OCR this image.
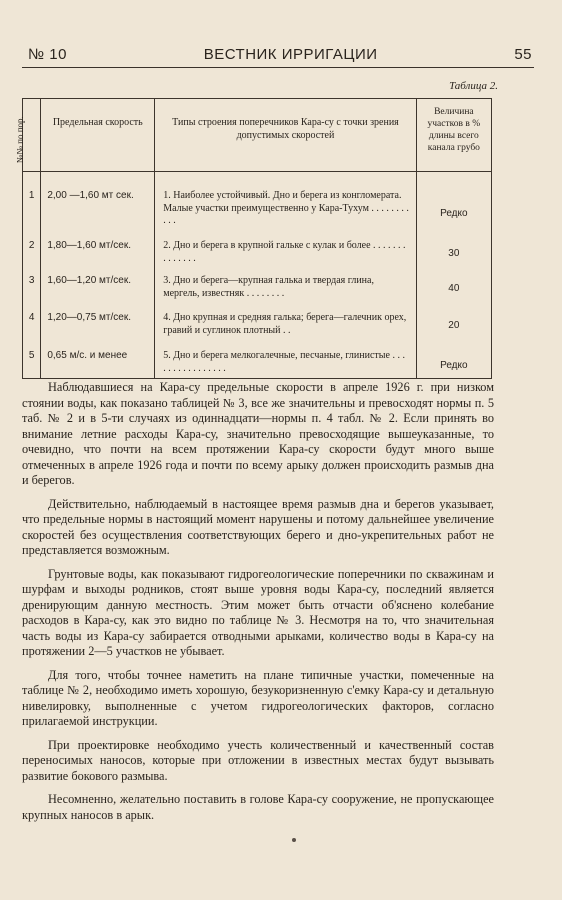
№ 10	ВЕСТНИК ИРРИГАЦИИ	55
Таблица 2.
№№ по пор.	Предельная скорость	Типы строения поперечников Кара-су с точки зрения допустимых скоростей	Величина участков в % длины всего канала грубо
1	2,00 —1,60 мт сек.	1. Наиболее устойчивый. Дно и берега из конгломерата. Малые участки преимущественно у Кара-Тухум . . . . . . . . . . .	Редко

2	1,80—1,60 мт/сек.	2. Дно и берега в крупной гальке с кулак и более . . . . . . . . . . . . . .	30

3	1,60—1,20 мт/сек.	3. Дно и берега—крупная галька и твердая глина, мергель, известняк . . . . . . . .	40

4	1,20—0,75 мт/сек.	4. Дно крупная и средняя галька; берега—галечник орех, гравий и суглинок плотный . .	20

5	0,65 м/с. и менее	5. Дно и берега мелкогалечные, песчаные, глинистые . . . . . . . . . . . . . . . .	Редко

Наблюдавшиеся на Кара-су предельные скорости в апреле 1926 г. при низком стоянии воды, как показано таблицей № 3, все же значительны и превосходят нормы п. 5 таб. № 2 и в 5-ти случаях из одиннадцати—нормы п. 4 табл. № 2. Если принять во внимание летние расходы Кара-су, значительно превосходящие вышеуказанные, то очевидно, что почти на всем протяжении Кара-су скорости будут много выше отмеченных в апреле 1926 года и почти по всему арыку должен происходить размыв дна и берегов.

Действительно, наблюдаемый в настоящее время размыв дна и берегов указывает, что предельные нормы в настоящий момент нарушены и потому дальнейшее увеличение скоростей без осуществления соответствующих берего и дно-укрепительных работ не представляется возможным.

Грунтовые воды, как показывают гидрогеологические поперечники по скважинам и шурфам и выходы родников, стоят выше уровня воды Кара-су, последний является дренирующим данную местность. Этим может быть отчасти об'яснено колебание расходов в Кара-су, как это видно по таблице № 3. Несмотря на то, что значительная часть воды из Кара-су забирается отводными арыками, количество воды в Кара-су на протяжении 2—5 участков не убывает.

Для того, чтобы точнее наметить на плане типичные участки, помеченные на таблице № 2, необходимо иметь хорошую, безукоризненную с'емку Кара-су и детальную нивелировку, выполненные с учетом гидрогеологических факторов, согласно прилагаемой инструкции.

При проектировке необходимо учесть количественный и качественный состав переносимых наносов, которые при отложении в известных местах будут вызывать развитие бокового размыва.

Несомненно, желательно поставить в голове Кара-су сооружение, не пропускающее крупных наносов в арык.
